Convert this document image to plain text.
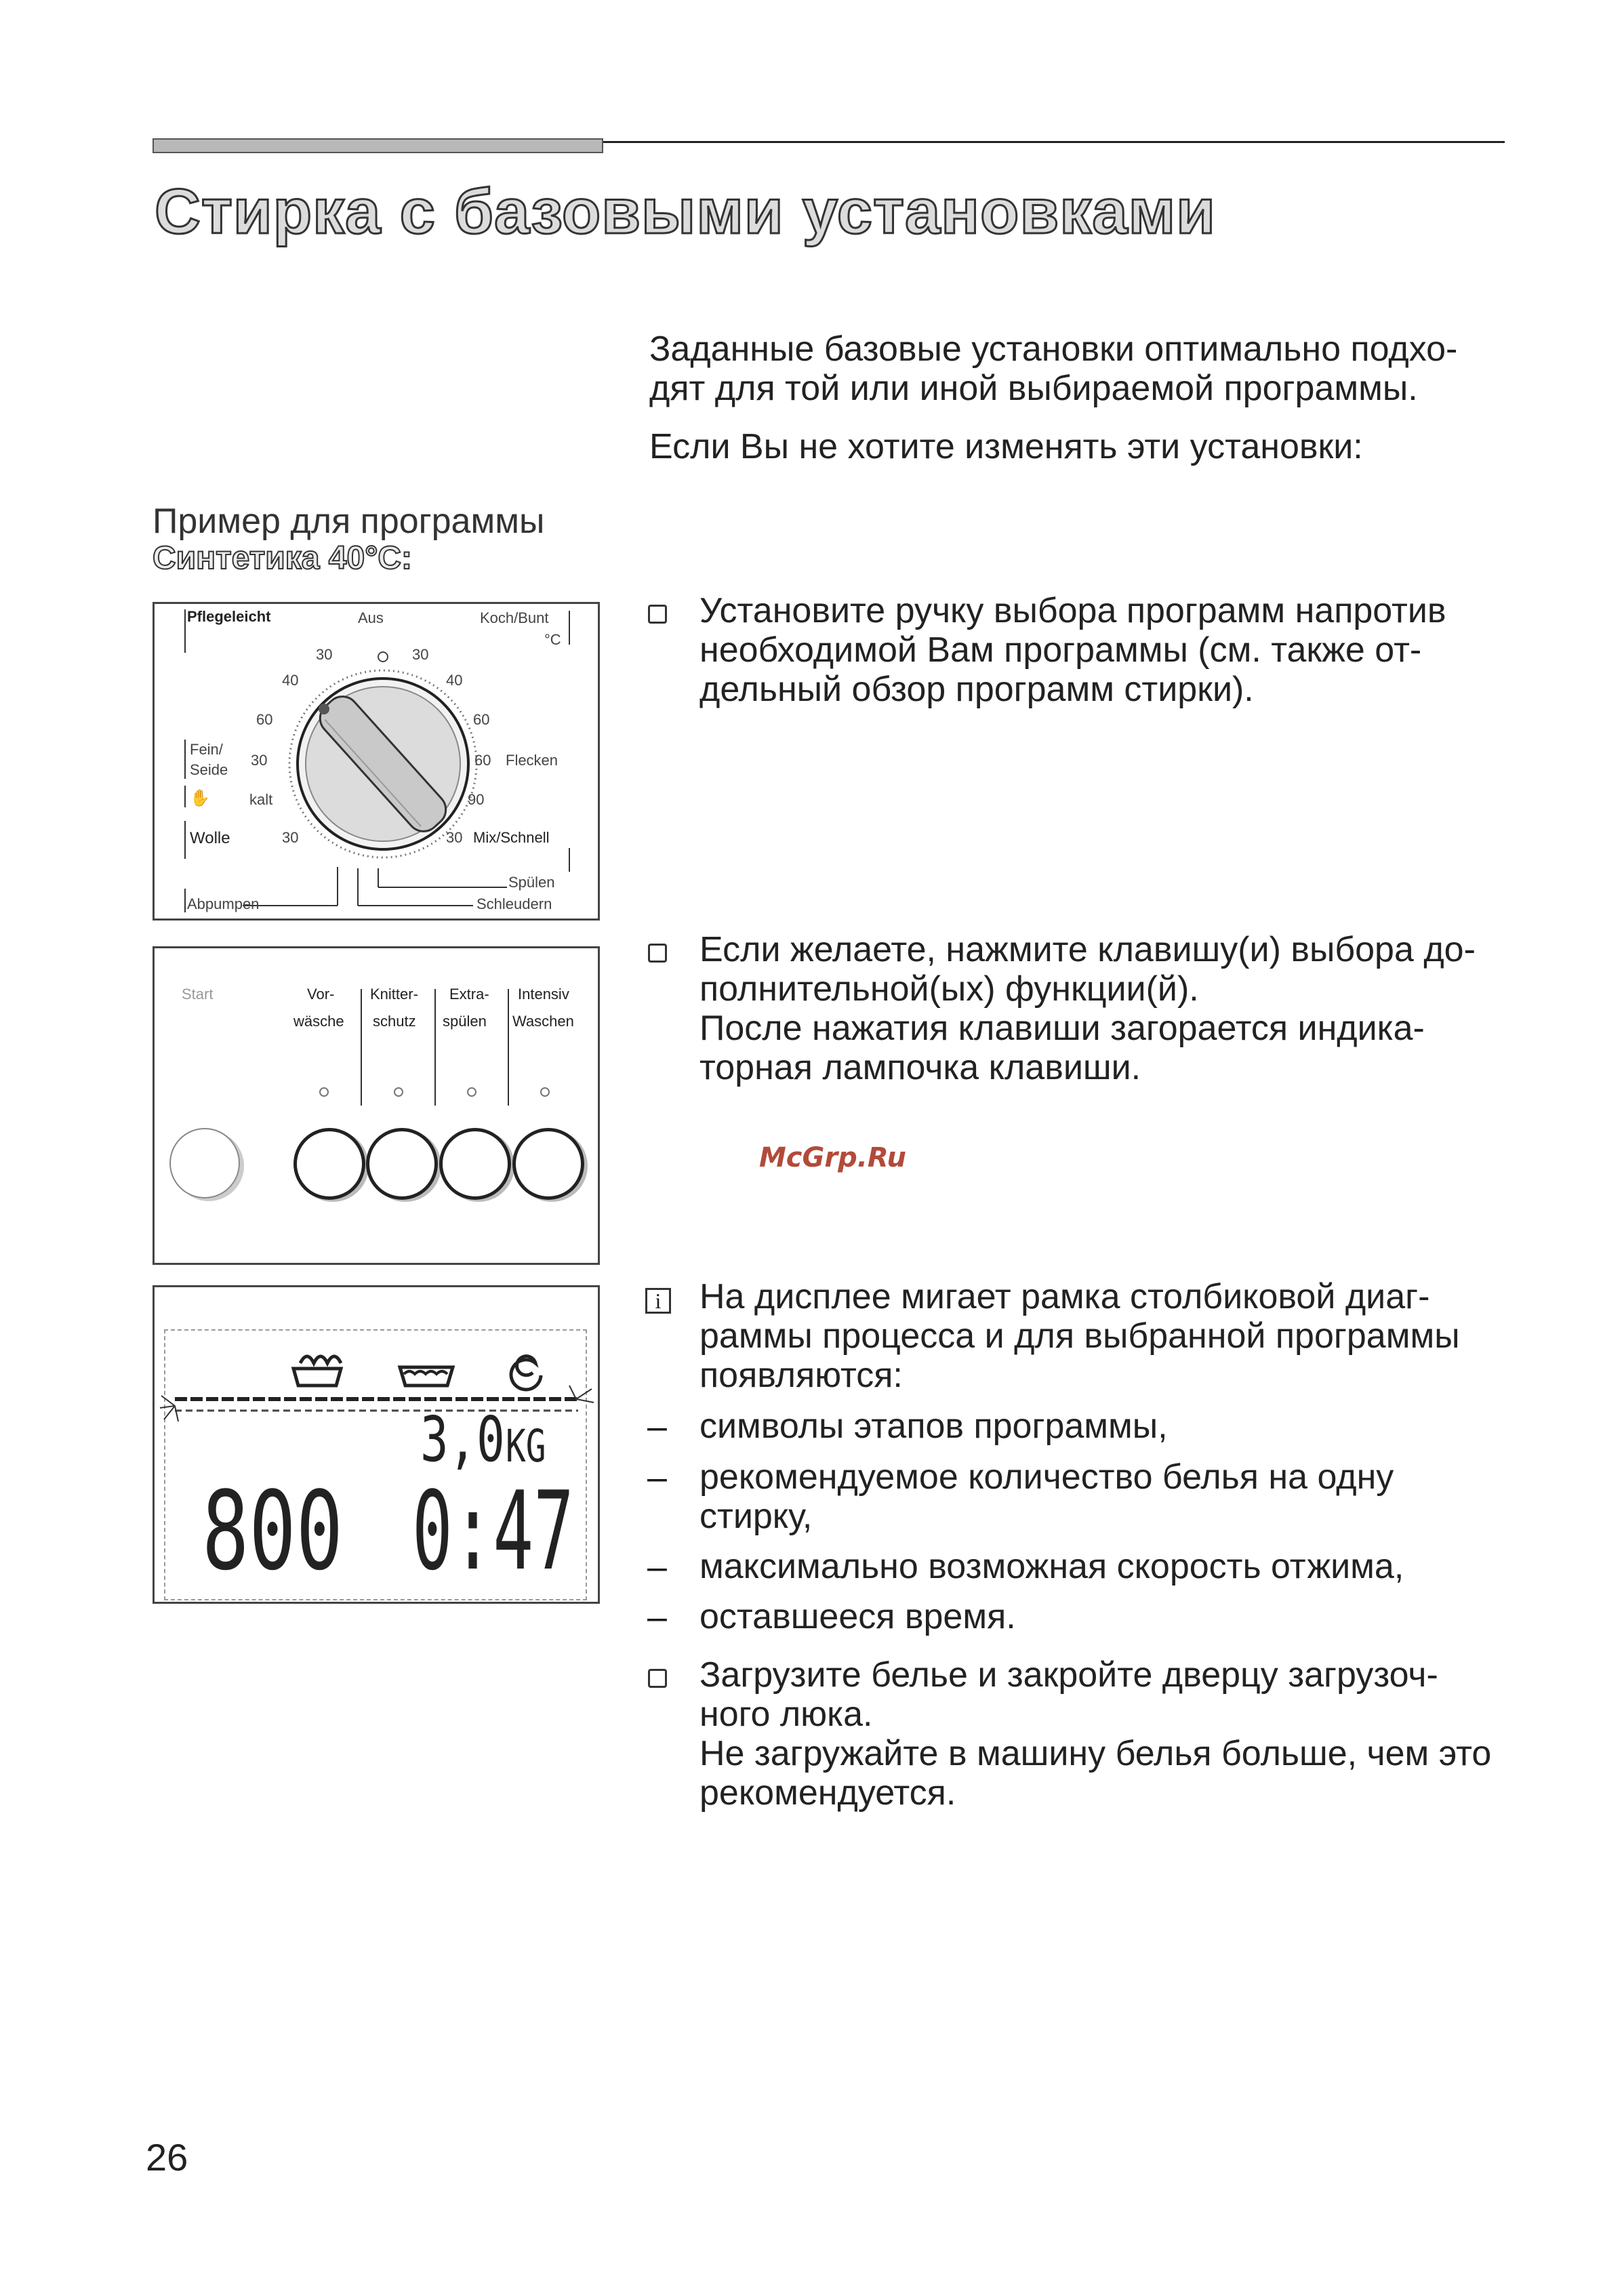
Стирка с базовыми установками
Заданные базовые установки оптимально подхо-
дят для той или иной выбираемой программы.
Если Вы не хотите изменять эти установки:
Пример для программы
Синтетика 40°C:
Pflegeleicht	Aus	Koch/Bunt
°C
30	30
40	40
60	60
Fein/
Seide
30	60 Flecken
kalt	90
✋
Wolle	30	30 Mix/Schnell
Spülen
Abpumpen	Schleudern
Start	Vor-
wäsche
Knitter-
schutz
Extra-
spülen
Intensiv
Waschen
3,0 KG
800 0:47
Установите ручку выбора программ напротив
необходимой Вам программы (см. также от-
дельный обзор программ стирки).
Если желаете, нажмите клавишу(и) выбора до-
полнительной(ых) функции(й).
После нажатия клавиши загорается индика-
торная лампочка клавиши.
McGrp.Ru
i На дисплее мигает рамка столбиковой диаг-
раммы процесса и для выбранной программы
появляются:
– символы этапов программы,
– рекомендуемое количество белья на одну
стирку,
– максимально возможная скорость отжима,
– оставшееся время.
Загрузите белье и закройте дверцу загрузоч-
ного люка.
Не загружайте в машину белья больше, чем это
рекомендуется.
26
